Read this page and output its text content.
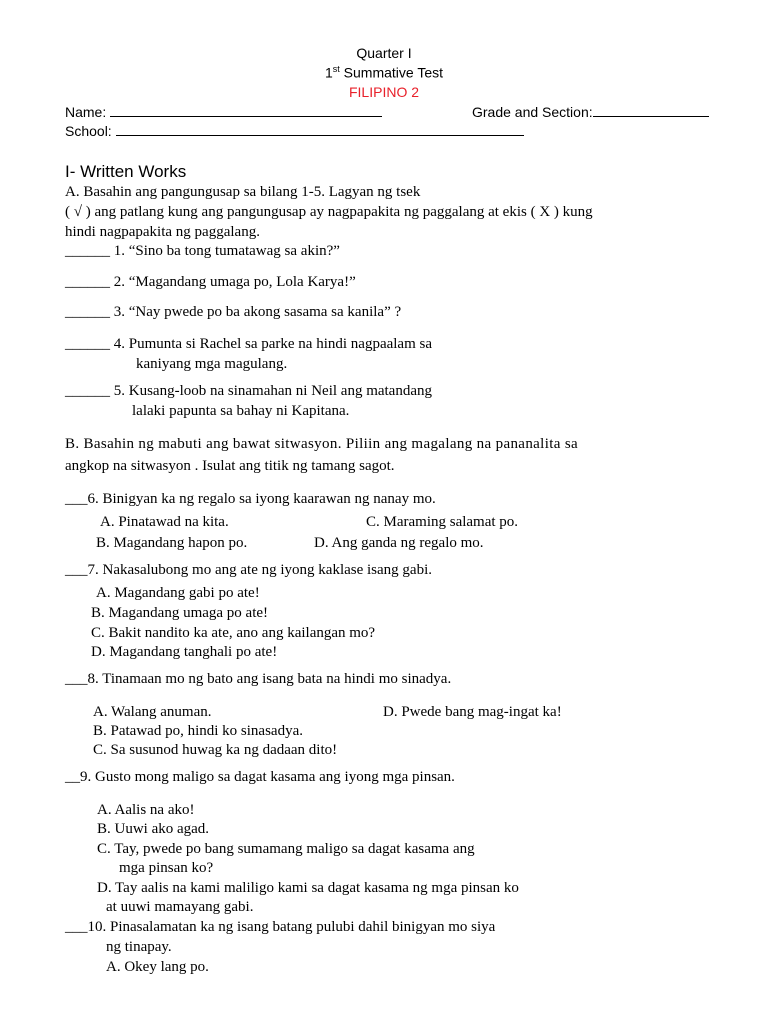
Quarter I
1st Summative Test
FILIPINO 2
Name:	Grade and Section:
School:
I- Written Works
A. Basahin ang pangungusap sa bilang 1-5. Lagyan ng tsek
( √ ) ang patlang kung ang pangungusap ay nagpapakita ng paggalang at ekis ( X ) kung
hindi nagpapakita ng paggalang.
______ 1. “Sino ba tong tumatawag sa akin?”
______ 2. “Magandang umaga po, Lola Karya!”
______ 3. “Nay pwede po ba akong sasama sa kanila” ?
______ 4. Pumunta si Rachel sa parke na hindi nagpaalam sa
kaniyang mga magulang.
______ 5. Kusang-loob na sinamahan ni Neil ang matandang
lalaki papunta sa bahay ni Kapitana.
B. Basahin ng mabuti ang bawat sitwasyon. Piliin ang magalang na pananalita sa
angkop na sitwasyon . Isulat ang titik ng tamang sagot.
___6. Binigyan ka ng regalo sa iyong kaarawan ng nanay mo.
A. Pinatawad na kita.	C. Maraming salamat po.
B. Magandang hapon po.	D. Ang ganda ng regalo mo.
___7. Nakasalubong mo ang ate ng iyong kaklase isang gabi.
A. Magandang gabi po ate!
B. Magandang umaga po ate!
C. Bakit nandito ka ate, ano ang kailangan mo?
D. Magandang tanghali po ate!
___8. Tinamaan mo ng bato ang isang bata na hindi mo sinadya.
A. Walang anuman.	D. Pwede bang mag-ingat ka!
B. Patawad po, hindi ko sinasadya.
C. Sa susunod huwag ka ng dadaan dito!
__9. Gusto mong maligo sa dagat kasama ang iyong mga pinsan.
A. Aalis na ako!
B. Uuwi ako agad.
C. Tay, pwede po bang sumamang maligo sa dagat kasama ang
mga pinsan ko?
D. Tay aalis na kami maliligo kami sa dagat kasama ng mga pinsan ko
at uuwi mamayang gabi.
___10. Pinasalamatan ka ng isang batang pulubi dahil binigyan mo siya
ng tinapay.
A. Okey lang po.
